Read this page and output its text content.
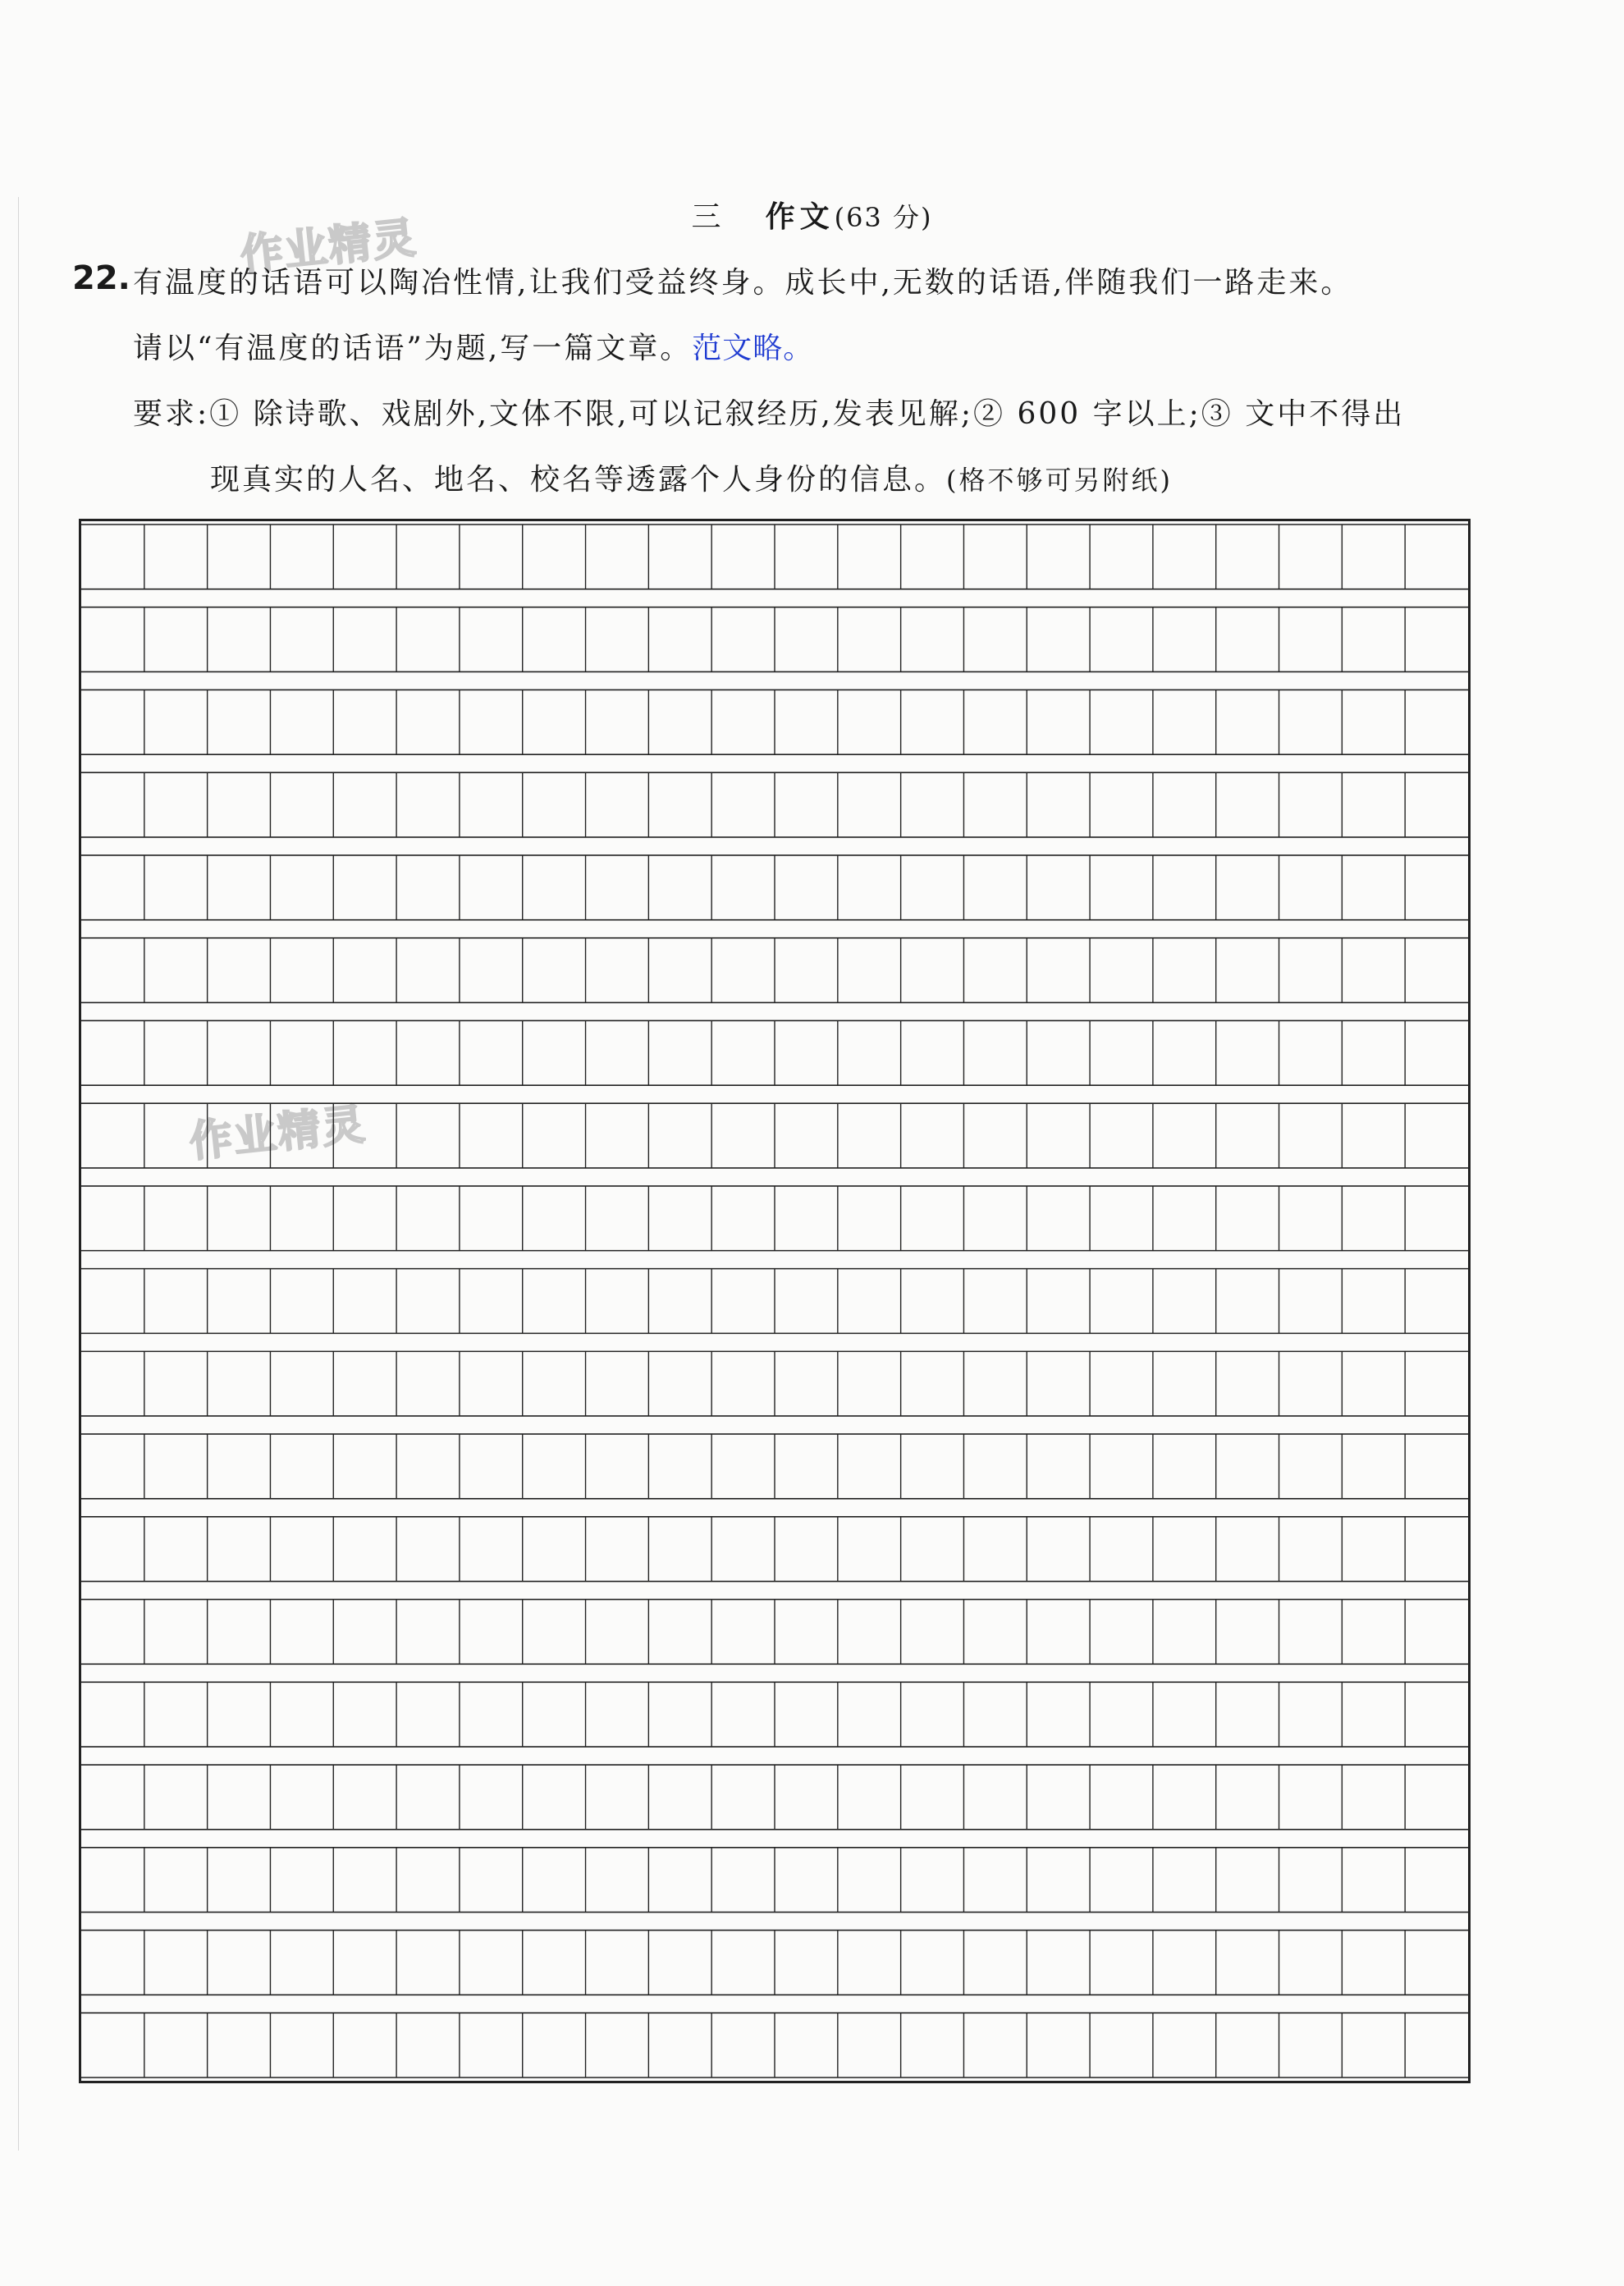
作业精灵
作业精灵
三 作文(63 分)
22. 有温度的话语可以陶冶性情,让我们受益终身。成长中,无数的话语,伴随我们一路走来。
请以“有温度的话语”为题,写一篇文章。范文略。
要求:① 除诗歌、戏剧外,文体不限,可以记叙经历,发表见解;② 600 字以上;③ 文中不得出
现真实的人名、地名、校名等透露个人身份的信息。(格不够可另附纸)
